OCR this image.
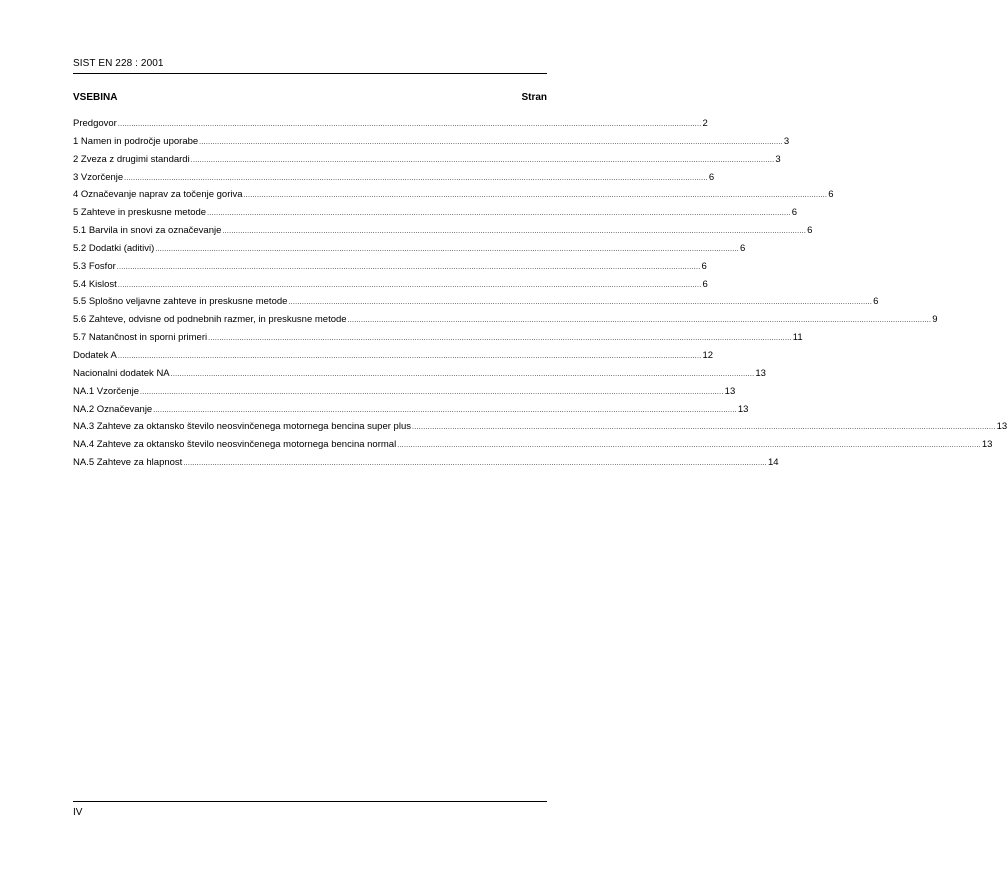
SIST EN 228 : 2001
VSEBINA	Stran
Predgovor .................................................................................................................................................................................................................................................................... 2
1 Namen in področje uporabe .................................................................................................................................................................................................................................................................... 3
2 Zveza z drugimi standardi .................................................................................................................................................................................................................................................................... 3
3 Vzorčenje .................................................................................................................................................................................................................................................................... 6
4 Označevanje naprav za točenje goriva .................................................................................................................................................................................................................................................................... 6
5 Zahteve in preskusne metode .................................................................................................................................................................................................................................................................... 6
5.1 Barvila in snovi za označevanje .................................................................................................................................................................................................................................................................... 6
5.2 Dodatki (aditivi) .................................................................................................................................................................................................................................................................... 6
5.3 Fosfor .................................................................................................................................................................................................................................................................... 6
5.4 Kislost .................................................................................................................................................................................................................................................................... 6
5.5 Splošno veljavne zahteve in preskusne metode .................................................................................................................................................................................................................................................................... 6
5.6 Zahteve, odvisne od podnebnih razmer, in preskusne metode .................................................................................................................................................................................................................................................................... 9
5.7 Natančnost in sporni primeri .................................................................................................................................................................................................................................................................... 11
Dodatek A .................................................................................................................................................................................................................................................................... 12
Nacionalni dodatek NA .................................................................................................................................................................................................................................................................... 13
NA.1 Vzorčenje .................................................................................................................................................................................................................................................................... 13
NA.2 Označevanje .................................................................................................................................................................................................................................................................... 13
NA.3 Zahteve za oktansko število neosvinčenega motornega bencina super plus .................................................................................................................................................................................................................................................................... 13
NA.4 Zahteve za oktansko število neosvinčenega motornega bencina normal .................................................................................................................................................................................................................................................................... 13
NA.5 Zahteve za hlapnost .................................................................................................................................................................................................................................................................... 14
IV
